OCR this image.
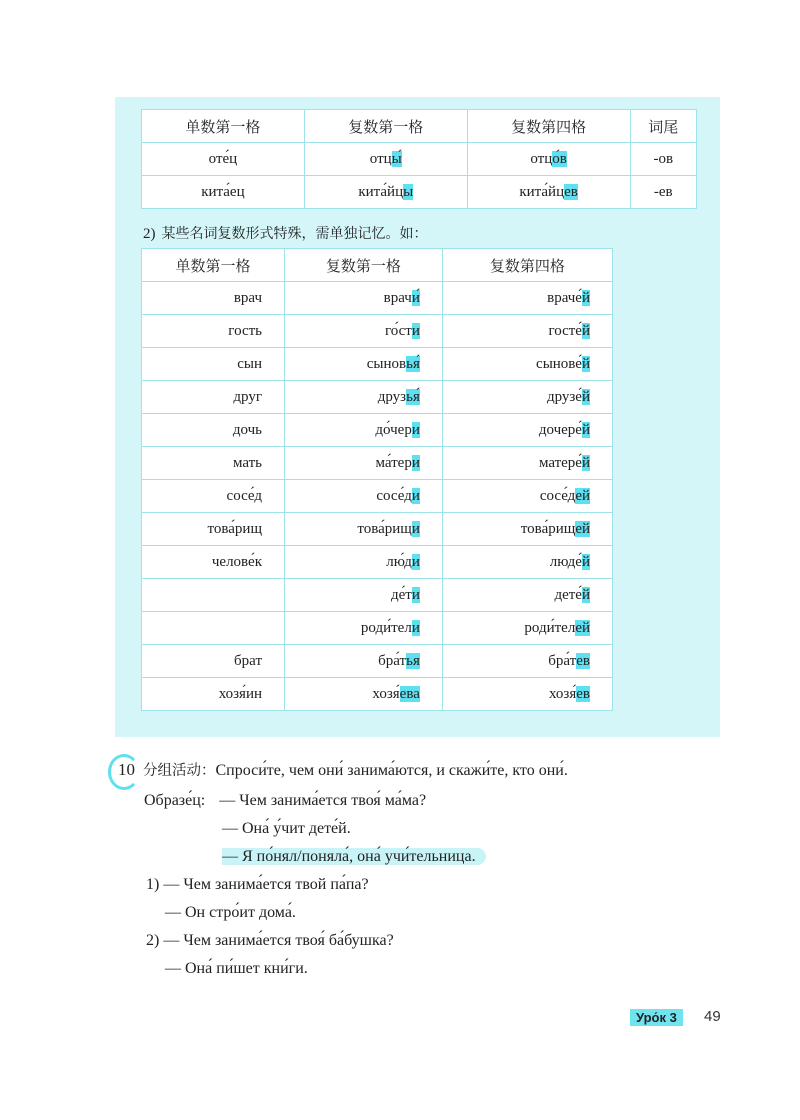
单数第一格	复数第一格	复数第四格	词尾
оте́ц	отцы́	отцо́в	-ов
кита́ец	кита́йцы	кита́йцев	-ев
2) 某些名词复数形式特殊，需单独记忆。如：
单数第一格	复数第一格	复数第四格
врач	врачи́	враче́й
гость	го́сти	госте́й
сын	сыновья́	сынове́й
друг	друзья́	друзе́й
дочь	до́чери	дочере́й
мать	ма́тери	матере́й
сосе́д	сосе́ди	сосе́дей
това́рищ	това́рищи	това́рищей
челове́к	лю́ди	люде́й
	де́ти	дете́й
	роди́тели	роди́телей
брат	бра́тья	бра́тев
хозя́ин	хозя́ева	хозя́ев
10 分组活动：Спроси́те, чем они́ занима́ются, и скажи́те, кто они́.
Образе́ц: — Чем занима́ется твоя́ ма́ма?
— Она́ у́чит дете́й.
— Я по́нял/поняла́, она́ учи́тельница.
1) — Чем занима́ется твой па́па?
— Он стро́ит дома́.
2) — Чем занима́ется твоя́ ба́бушка?
— Она́ пи́шет кни́ги.
Уро́к 3	49
